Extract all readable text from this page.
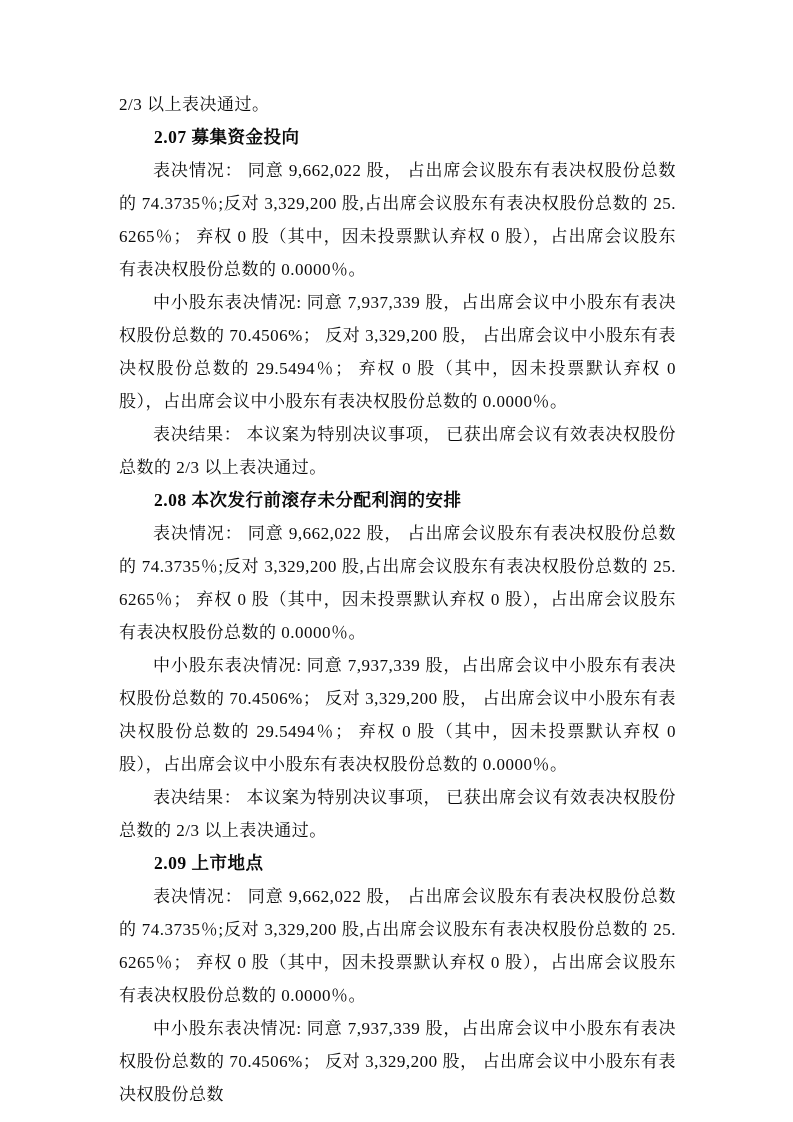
2/3 以上表决通过。

2.07 募集资金投向

表决情况： 同意 9,662,022 股， 占出席会议股东有表决权股份总数的 74.3735％;反对 3,329,200 股,占出席会议股东有表决权股份总数的 25.6265％； 弃权 0 股（其中，因未投票默认弃权 0 股），占出席会议股东有表决权股份总数的 0.0000％。

中小股东表决情况: 同意 7,937,339 股，占出席会议中小股东有表决权股份总数的 70.4506%； 反对 3,329,200 股， 占出席会议中小股东有表决权股份总数的 29.5494％； 弃权 0 股（其中，因未投票默认弃权 0 股），占出席会议中小股东有表决权股份总数的 0.0000％。

表决结果： 本议案为特别决议事项， 已获出席会议有效表决权股份总数的 2/3 以上表决通过。

2.08 本次发行前滚存未分配利润的安排

表决情况： 同意 9,662,022 股， 占出席会议股东有表决权股份总数的 74.3735％;反对 3,329,200 股,占出席会议股东有表决权股份总数的 25.6265％； 弃权 0 股（其中，因未投票默认弃权 0 股），占出席会议股东有表决权股份总数的 0.0000％。

中小股东表决情况: 同意 7,937,339 股，占出席会议中小股东有表决权股份总数的 70.4506%； 反对 3,329,200 股， 占出席会议中小股东有表决权股份总数的 29.5494％； 弃权 0 股（其中，因未投票默认弃权 0 股），占出席会议中小股东有表决权股份总数的 0.0000％。

表决结果： 本议案为特别决议事项， 已获出席会议有效表决权股份总数的 2/3 以上表决通过。

2.09 上市地点

表决情况： 同意 9,662,022 股， 占出席会议股东有表决权股份总数的 74.3735％;反对 3,329,200 股,占出席会议股东有表决权股份总数的 25.6265％； 弃权 0 股（其中，因未投票默认弃权 0 股），占出席会议股东有表决权股份总数的 0.0000％。

中小股东表决情况: 同意 7,937,339 股，占出席会议中小股东有表决权股份总数的 70.4506%； 反对 3,329,200 股， 占出席会议中小股东有表决权股份总数
